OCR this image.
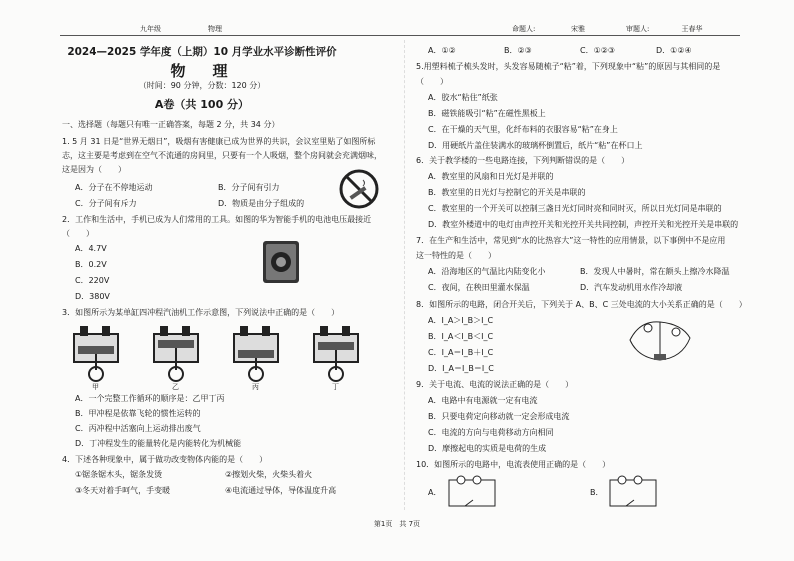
九年级	物理	命题人:	宋雅	审题人:	王春华
2024—2025 学年度（上期）10 月学业水平诊断性评价
物　理
（时间：90 分钟，分数：120 分）
A卷（共 100 分）
一、选择题（每题只有唯一正确答案，每题 2 分，共 34 分）
1. 5 月 31 日是“世界无烟日”，吸烟有害健康已成为世界的共识，会议室里贴了如图所标
志，这主要是考虑到在空气不流通的房间里，只要有一个人吸烟，整个房间就会充满烟味，
这是因为（　　）
A．分子在不停地运动	B．分子间有引力
C．分子间有斥力	D．物质是由分子组成的
2．工作和生活中，手机已成为人们常用的工具。如图的华为智能手机的电池电压最接近
（　　）
A．4.7V
B．0.2V
C．220V
D．380V
3．如图所示为某单缸四冲程汽油机工作示意图，下列说法中正确的是（　　）
甲	乙	丙	丁
A．一个完整工作循环的顺序是：乙甲丁丙
B．甲冲程是依靠飞轮的惯性运转的
C．丙冲程中活塞向上运动排出废气
D．丁冲程发生的能量转化是内能转化为机械能
4．下述各种现象中，属于做功改变物体内能的是（　　）
①锯条锯木头，锯条发烫	②擦划火柴，火柴头着火
③冬天对着手呵气，手变暖	④电流通过导体，导体温度升高
A．①②	B．②③	C．①②③	D．①②④
5.用塑料梳子梳头发时，头发容易随梳子“粘”着，下列现象中“粘”的原因与其相同的是
（　　）
A．胶水“粘住”纸张
B．磁铁能吸引“粘”在磁性黑板上
C．在干燥的天气里，化纤布料的衣服容易“粘”在身上
D．用硬纸片盖住装满水的玻璃杯倒置后，纸片“粘”在杯口上
6．关于教学楼的一些电路连接，下列判断错误的是（　　）
A．教室里的风扇和日光灯是并联的
B．教室里的日光灯与控制它的开关是串联的
C．教室里的一个开关可以控制三盏日光灯同时亮和同时灭，所以日光灯同是串联的
D．教室外楼道中的电灯由声控开关和光控开关共同控制，声控开关和光控开关是串联的
7．在生产和生活中，常见到“水的比热容大”这一特性的应用情景，以下事例中不是应用
这一特性的是（　　）
A．沿海地区的气温比内陆变化小	B．发现人中暑时，常在额头上擦冷水降温
C．夜间，在秧田里灌水保温	D．汽车发动机用水作冷却液
8．如图所示的电路，闭合开关后，下列关于 A、B、C 三处电流的大小关系正确的是（　　）
A．I_A＞I_B＞I_C
B．I_A＜I_B＜I_C
C．I_A＝I_B＋I_C
D．I_A＝I_B＝I_C
9．关于电流、电流的说法正确的是（　　）
A．电路中有电源就一定有电流
B．只要电荷定向移动就一定会形成电流
C．电流的方向与电荷移动方向相同
D．摩擦起电的实质是电荷的生成
10．如图所示的电路中，电流表使用正确的是（　　）
A．	B．
第1页　共 7页
